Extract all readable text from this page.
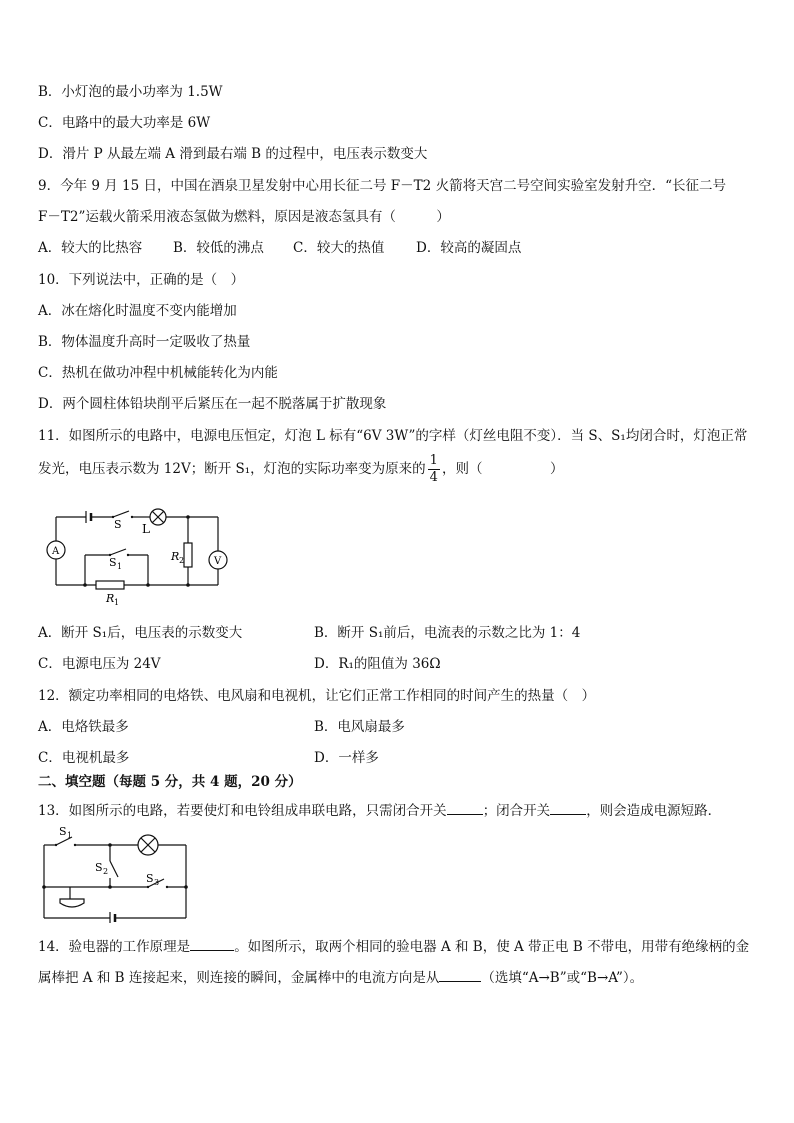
B．小灯泡的最小功率为 1.5W
C．电路中的最大功率是 6W
D．滑片 P 从最左端 A 滑到最右端 B 的过程中，电压表示数变大
9．今年 9 月 15 日，中国在酒泉卫星发射中心用长征二号 F－T2 火箭将天宫二号空间实验室发射升空．“长征二号
F－T2”运载火箭采用液态氢做为燃料，原因是液态氢具有（　　　）
A．较大的比热容 B．较低的沸点 C．较大的热值 D．较高的凝固点
10．下列说法中，正确的是（　）
A．冰在熔化时温度不变内能增加
B．物体温度升高时一定吸收了热量
C．热机在做功冲程中机械能转化为内能
D．两个圆柱体铅块削平后紧压在一起不脱落属于扩散现象
11．如图所示的电路中，电源电压恒定，灯泡 L 标有“6V 3W”的字样（灯丝电阻不变）．当 S、S₁均闭合时，灯泡正常
发光，电压表示数为 12V；断开 S₁，灯泡的实际功率变为原来的 $\frac{1}{4}$ ，则（　　　　　）
S L
A
V
S 1
R 2
R 1
A．断开 S₁后，电压表的示数变大	B．断开 S₁前后，电流表的示数之比为 1：4
C．电源电压为 24V	D．R₁的阻值为 36Ω
12．额定功率相同的电烙铁、电风扇和电视机，让它们正常工作相同的时间产生的热量（　）
A．电烙铁最多	B．电风扇最多
C．电视机最多	D．一样多
二、填空题（每题 5 分，共 4 题，20 分）
13．如图所示的电路，若要使灯和电铃组成串联电路，只需闭合开关	；闭合开关	，则会造成电源短路．
S 1
S 2
S 3
14．验电器的工作原理是	。如图所示，取两个相同的验电器 A 和 B，使 A 带正电 B 不带电，用带有绝缘柄的金
属棒把 A 和 B 连接起来，则连接的瞬间，金属棒中的电流方向是从	（选填“A→B”或“B→A”）。
